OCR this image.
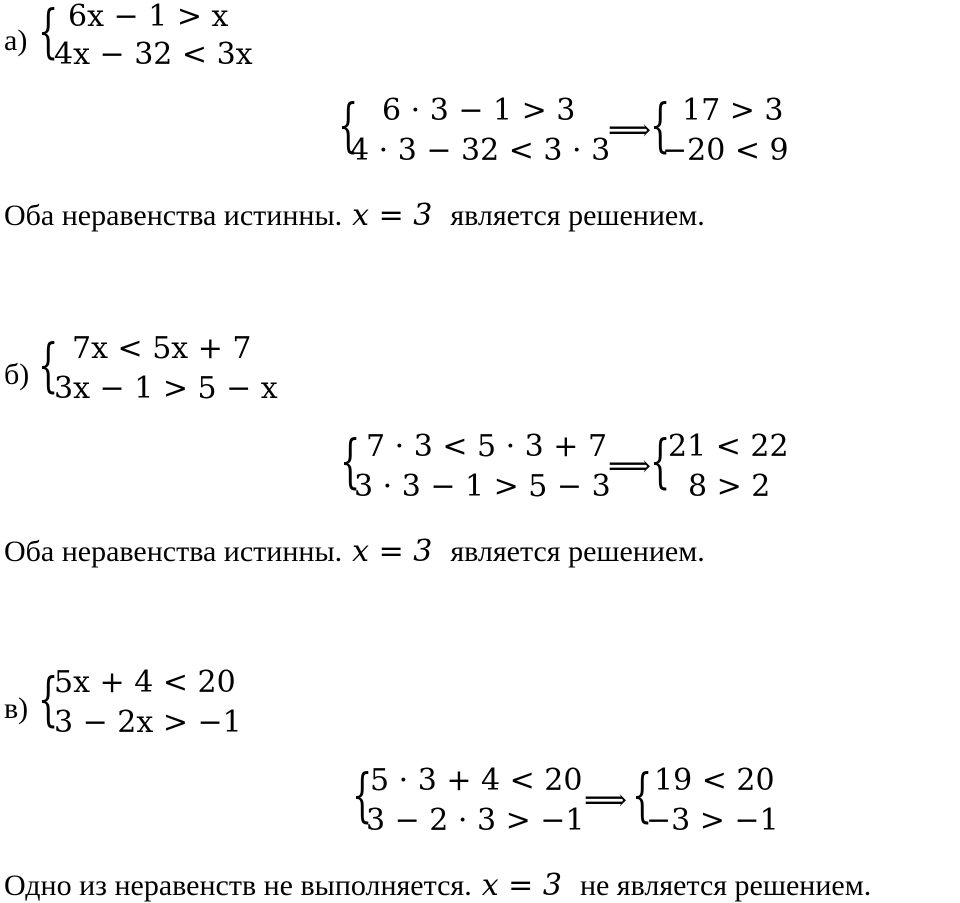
а) { 6x − 1 > x
4x − 32 < 3x
{ 6 · 3 − 1 > 3
4 · 3 − 32 < 3 · 3
⟹
{ 17 > 3
−20 < 9
Оба неравенства истинны. x = 3 является решением.
б) { 7x < 5x + 7
3x − 1 > 5 − x
{ 7 · 3 < 5 · 3 + 7
3 · 3 − 1 > 5 − 3
⟹
{
21 < 22
8 > 2
Оба неравенства истинны. x = 3 является решением.
в) {
5x + 4 < 20
3 − 2x > −1
{
5 · 3 + 4 < 20
3 − 2 · 3 > −1
⟹ { 19 < 20
−3 > −1
Одно из неравенств не выполняется. x = 3 не является решением.
